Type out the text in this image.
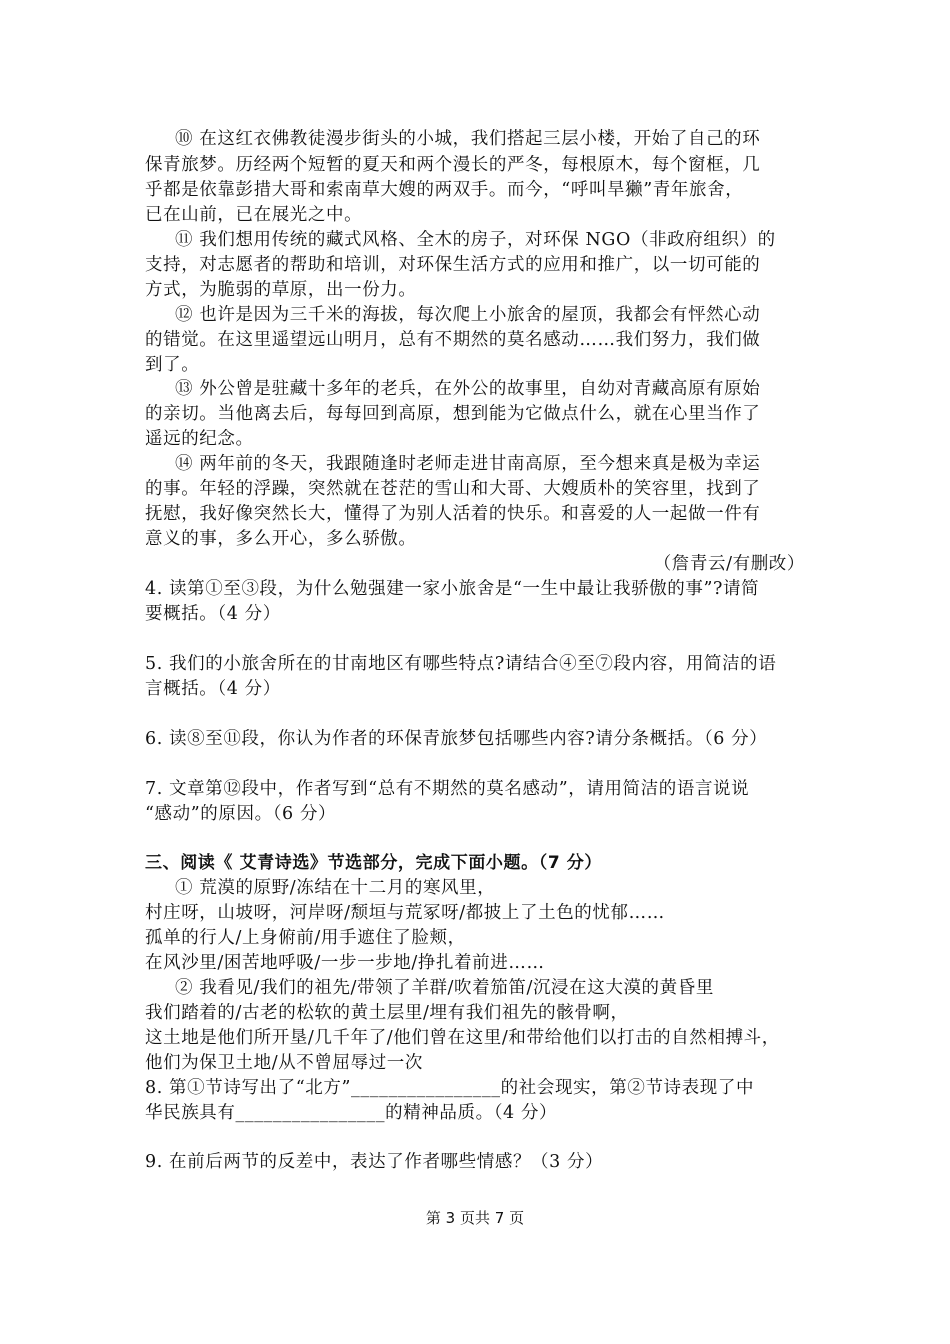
⑩ 在这红衣佛教徒漫步街头的小城，我们搭起三层小楼，开始了自己的环
保青旅梦。历经两个短暂的夏天和两个漫长的严冬，每根原木，每个窗框，几
乎都是依靠彭措大哥和索南草大嫂的两双手。而今，“呼叫旱獭”青年旅舍，
已在山前，已在展光之中。
⑪ 我们想用传统的藏式风格、全木的房子，对环保 NGO（非政府组织）的
支持，对志愿者的帮助和培训，对环保生活方式的应用和推广，以一切可能的
方式，为脆弱的草原，出一份力。
⑫ 也许是因为三千米的海拔，每次爬上小旅舍的屋顶，我都会有怦然心动
的错觉。在这里遥望远山明月，总有不期然的莫名感动……我们努力，我们做
到了。
⑬ 外公曾是驻藏十多年的老兵，在外公的故事里，自幼对青藏高原有原始
的亲切。当他离去后，每每回到高原，想到能为它做点什么，就在心里当作了
遥远的纪念。
⑭ 两年前的冬天，我跟随逢时老师走进甘南高原，至今想来真是极为幸运
的事。年轻的浮躁，突然就在苍茫的雪山和大哥、大嫂质朴的笑容里，找到了
抚慰，我好像突然长大，懂得了为别人活着的快乐。和喜爱的人一起做一件有
意义的事，多么开心，多么骄傲。
（詹青云/有删改）
4. 读第①至③段，为什么勉强建一家小旅舍是“一生中最让我骄傲的事”?请简
要概括。（4 分）
5. 我们的小旅舍所在的甘南地区有哪些特点?请结合④至⑦段内容，用简洁的语
言概括。（4 分）
6. 读⑧至⑪段，你认为作者的环保青旅梦包括哪些内容?请分条概括。（6 分）
7. 文章第⑫段中，作者写到“总有不期然的莫名感动”，请用简洁的语言说说
“感动”的原因。（6 分）
三、阅读《 艾青诗选》节选部分，完成下面小题。（7 分）
① 荒漠的原野/冻结在十二月的寒风里，
村庄呀，山坡呀，河岸呀/颓垣与荒冢呀/都披上了土色的忧郁……
孤单的行人/上身俯前/用手遮住了脸颊，
在风沙里/困苦地呼吸/一步一步地/挣扎着前进……
② 我看见/我们的祖先/带领了羊群/吹着笳笛/沉浸在这大漠的黄昏里
我们踏着的/古老的松软的黄土层里/埋有我们祖先的骸骨啊，
这土地是他们所开垦/几千年了/他们曾在这里/和带给他们以打击的自然相搏斗，
他们为保卫土地/从不曾屈辱过一次
8. 第①节诗写出了“北方”________________的社会现实，第②节诗表现了中
华民族具有________________的精神品质。（4 分）
9. 在前后两节的反差中，表达了作者哪些情感？（3 分）
第 3 页共 7 页
